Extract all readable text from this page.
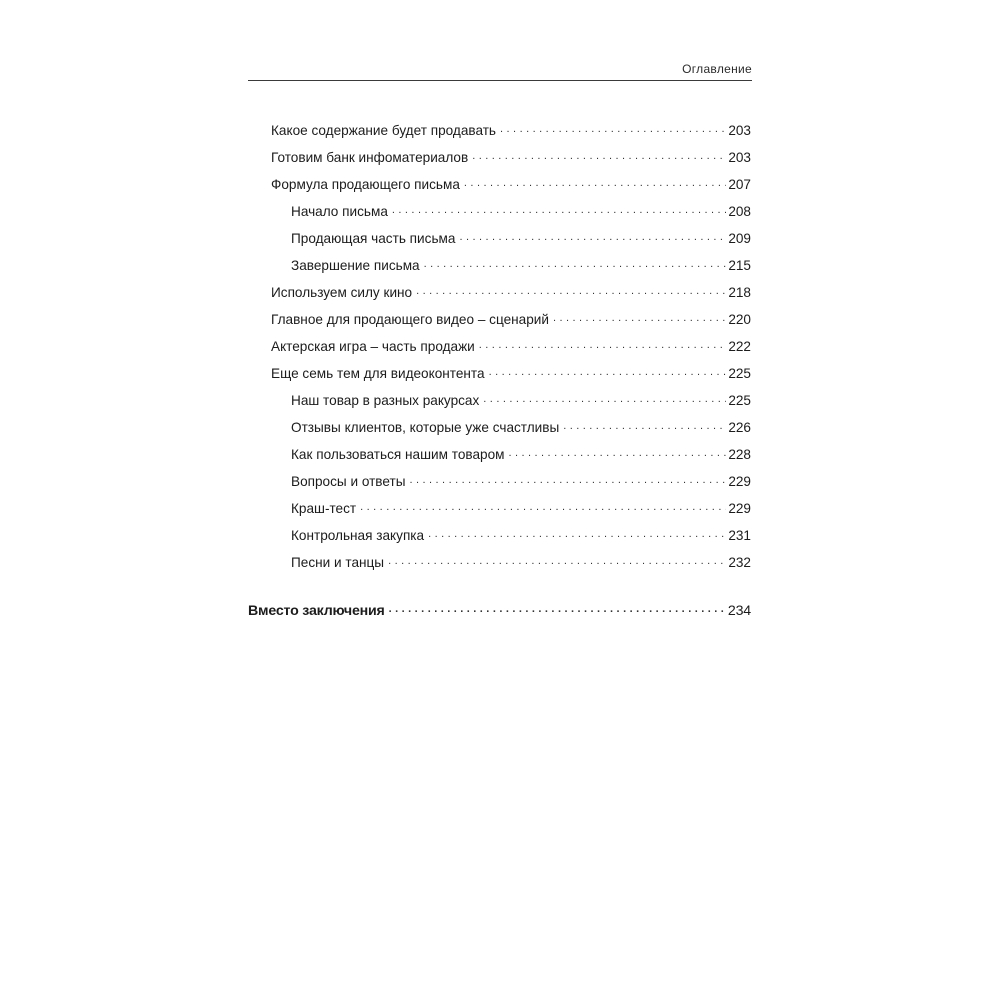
Оглавление
Какое содержание будет продавать . . .	203
Готовим банк инфоматериалов . . .	203
Формула продающего письма . . .	207
Начало письма . . .	208
Продающая часть письма . . .	209
Завершение письма . . .	215
Используем силу кино . . .	218
Главное для продающего видео – сценарий . . .	220
Актерская игра – часть продажи . . .	222
Еще семь тем для видеоконтента . . .	225
Наш товар в разных ракурсах . . .	225
Отзывы клиентов, которые уже счастливы . . .	226
Как пользоваться нашим товаром . . .	228
Вопросы и ответы . . .	229
Краш-тест . . .	229
Контрольная закупка . . .	231
Песни и танцы . . .	232
Вместо заключения . . .	234
